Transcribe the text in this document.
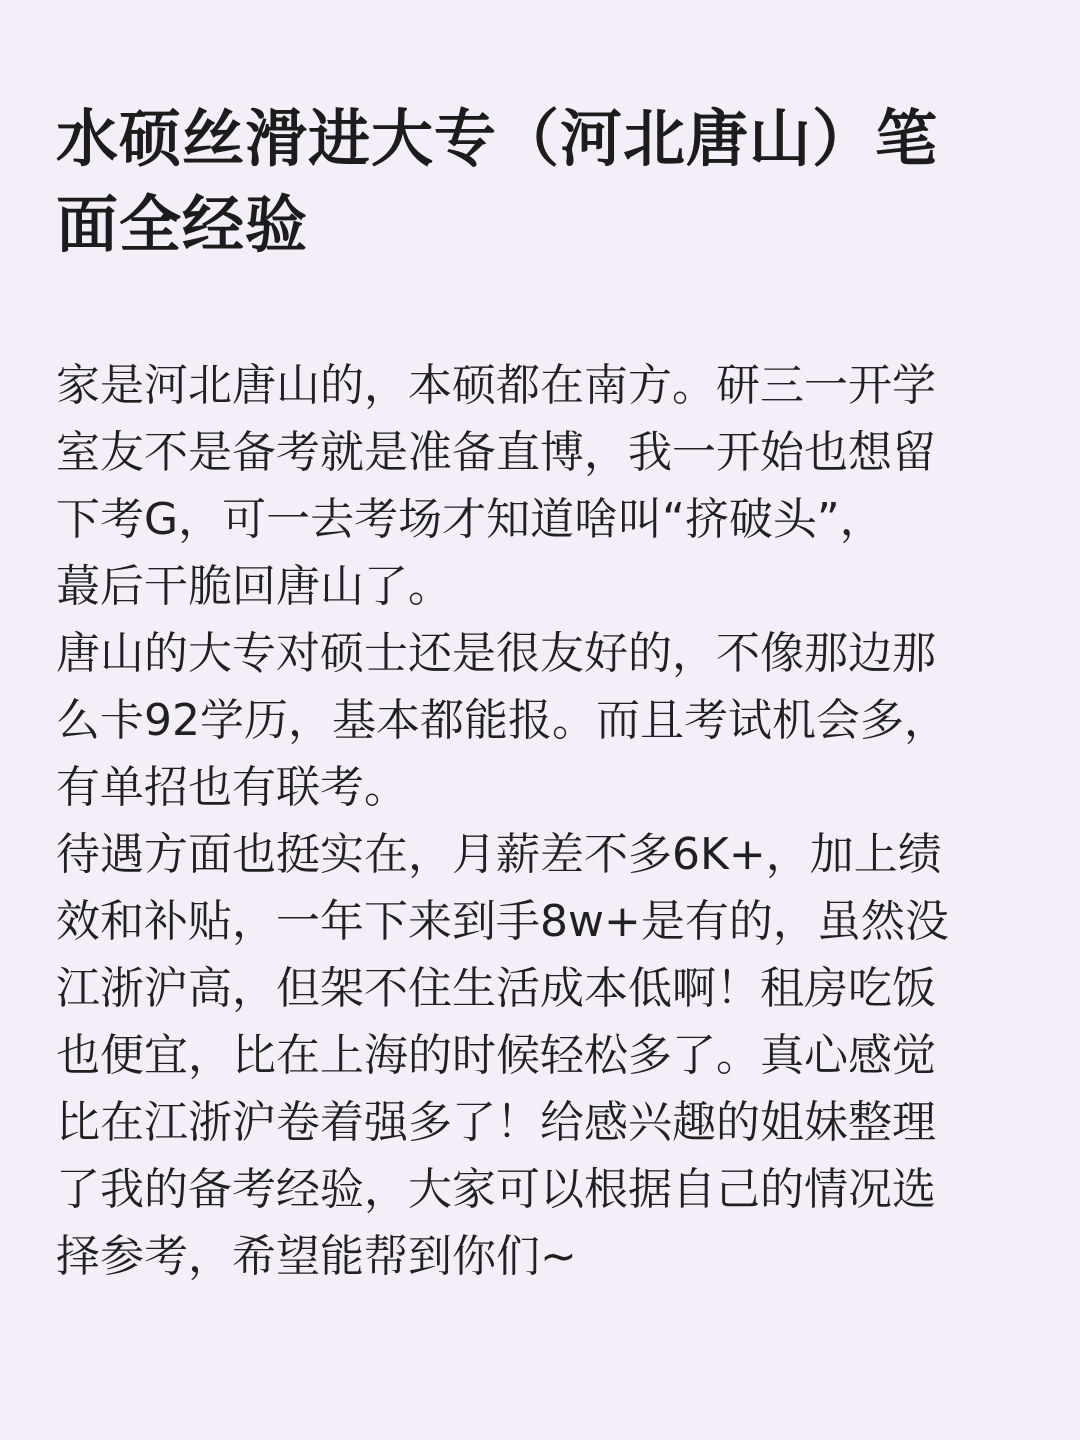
水硕丝滑进大专（河北唐山）笔
面全经验

家是河北唐山的，本硕都在南方。研三一开学
室友不是备考就是准备直博，我一开始也想留
下考G，可一去考场才知道啥叫“挤破头”，
蕞后干脆回唐山了。

唐山的大专对硕士还是很友好的，不像那边那
么卡92学历，基本都能报。而且考试机会多，
有单招也有联考。

待遇方面也挺实在，月薪差不多6K+，加上绩
效和补贴，一年下来到手8w+是有的，虽然没
江浙沪高，但架不住生活成本低啊！租房吃饭
也便宜，比在上海的时候轻松多了。真心感觉
比在江浙沪卷着强多了！给感兴趣的姐妹整理
了我的备考经验，大家可以根据自己的情况选
择参考，希望能帮到你们~
